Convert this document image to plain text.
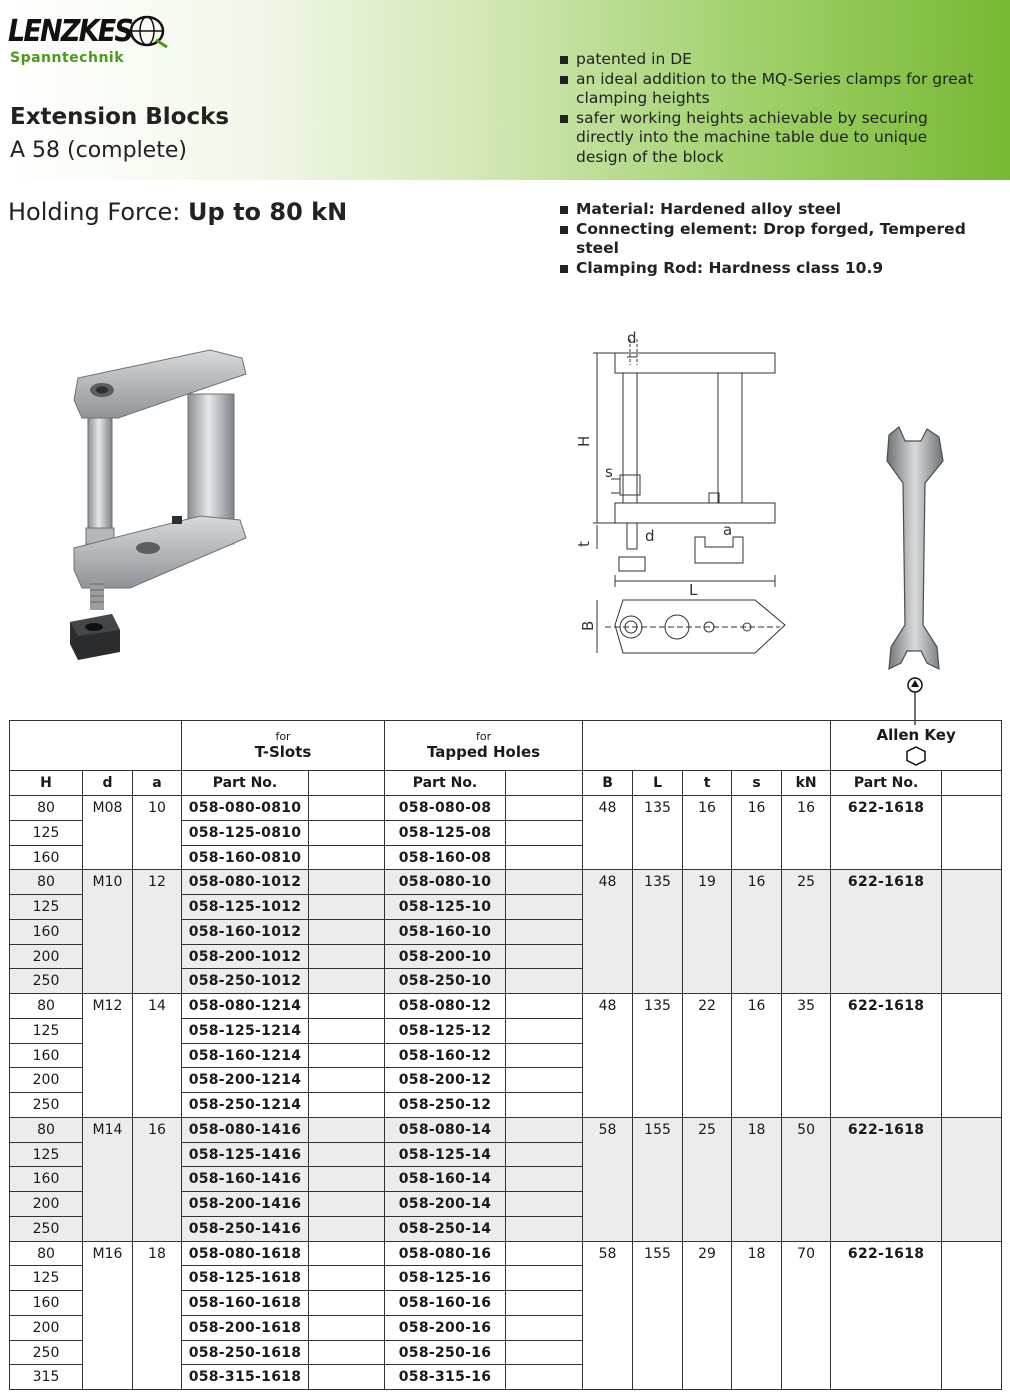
LENZKES
Spanntechnik
Extension Blocks
A 58 (complete)
patented in DE
an ideal addition to the MQ-Series clamps for great clamping heights
safer working heights achievable by securing directly into the machine table due to unique design of the block
Holding Force: Up to 80 kN	Material: Hardened alloy steel
Connecting element: Drop forged, Tempered steel
Clamping Rod: Hardness class 10.9
d
H
s
t	d	a
L
B

			for
T-Slots		for
Tapped Holes							Allen Key	

H	d	a	Part No.		Part No.		B	L	t	s	kN	Part No.	
80	M08	10	058-080-0810		058-080-08		48	135	16	16	16	622-1618	
125			058-125-0810		058-125-08								
160			058-160-0810		058-160-08								
80	M10	12	058-080-1012		058-080-10		48	135	19	16	25	622-1618	
125			058-125-1012		058-125-10								
160			058-160-1012		058-160-10								
200			058-200-1012		058-200-10								
250			058-250-1012		058-250-10								
80	M12	14	058-080-1214		058-080-12		48	135	22	16	35	622-1618	
125			058-125-1214		058-125-12								
160			058-160-1214		058-160-12								
200			058-200-1214		058-200-12								
250			058-250-1214		058-250-12								
80	M14	16	058-080-1416		058-080-14		58	155	25	18	50	622-1618	
125			058-125-1416		058-125-14								
160			058-160-1416		058-160-14								
200			058-200-1416		058-200-14								
250			058-250-1416		058-250-14								
80	M16	18	058-080-1618		058-080-16		58	155	29	18	70	622-1618	
125			058-125-1618		058-125-16								
160			058-160-1618		058-160-16								
200			058-200-1618		058-200-16								
250			058-250-1618		058-250-16								
315			058-315-1618		058-315-16								
